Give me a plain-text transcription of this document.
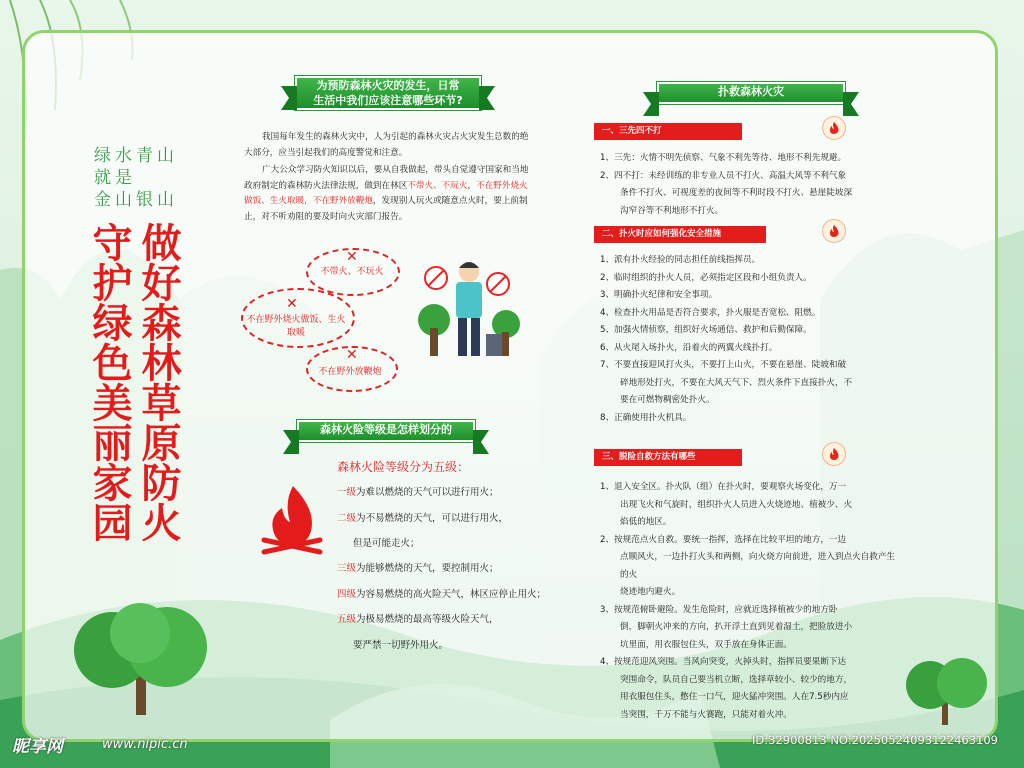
绿水青山
就是
金山银山
做好森林草原防火
守护绿色美丽家园
为预防森林火灾的发生，日常
生活中我们应该注意哪些环节?
我国每年发生的森林火灾中，人为引起的森林火灾占火灾发生总数的绝大部分，应当引起我们的高度警觉和注意。
广大公众学习防火知识以后，要从自我做起，带头自觉遵守国家和当地政府制定的森林防火法律法规，做到在林区不带火、不玩火，不在野外烧火做饭、生火取暖，不在野外放鞭炮，发现别人玩火或随意点火时，要上前制止，对不听劝阻的要及时向火灾部门报告。
✕
不带火、不玩火
✕
不在野外烧火做饭、生火取暖
✕
不在野外放鞭炮
森林火险等级是怎样划分的
森林火险等级分为五级：
一级为难以燃烧的天气可以进行用火；
二级为不易燃烧的天气，可以进行用火，
但是可能走火；
三级为能够燃烧的天气，要控制用火；
四级为容易燃烧的高火险天气，林区应停止用火；
五级为极易燃烧的最高等级火险天气，
要严禁一切野外用火。
扑救森林火灾
一、三先四不打

1、三先：火情不明先侦察、气象不利先等待、地形不利先规避。

2、四不打：未经训练的非专业人员不打火、高温大风等不利气象

条件不打火、可视度差的夜间等不利时段不打火、悬崖陡坡深

沟窄谷等不利地形不打火。

二、扑火时应如何强化安全措施

1、派有扑火经验的同志担任前线指挥员。

2、临时组织的扑火人员，必须指定区段和小组负责人。

3、明确扑火纪律和安全事项。

4、检查扑火用品是否符合要求，扑火服是否宽松、阻燃。

5、加强火情侦察，组织好火场通信、救护和后勤保障。

6、从火尾入场扑火，沿着火的两翼火线扑打。

7、不要直接迎风打火头，不要打上山火，不要在悬崖、陡坡和破

碎地形处打火，不要在大风天气下、烈火条件下直接扑火，不

要在可燃物稠密处扑火。

8、正确使用扑火机具。

三、脱险自救方法有哪些

1、退入安全区。扑火队（组）在扑火时，要观察火场变化，万一

出现飞火和气旋时，组织扑火人员进入火烧迹地、植被少、火

焰低的地区。

2、按规范点火自救。要统一指挥，选择在比较平坦的地方，一边

点顺风火，一边扑打火头和两侧，向火烧方向前进，进入到点火自救产生的火

烧迹地内避火。

3、按规范俯卧避险。发生危险时，应就近选择植被少的地方卧

倒，脚朝火冲来的方向，扒开浮土直到见着湿土，把脸放进小

坑里面，用衣服包住头，双手放在身体正面。

4、按规范迎风突围。当风向突变，火掉头时，指挥员要果断下达

突围命令，队员自己要当机立断，选择草较小、较少的地方，

用衣服包住头，憋住一口气，迎火猛冲突围。人在7.5秒内应

当突围，千万不能与火赛跑，只能对着火冲。

昵享网	www.nipic.cn	ID:32900813 NO:20250524093122463109
